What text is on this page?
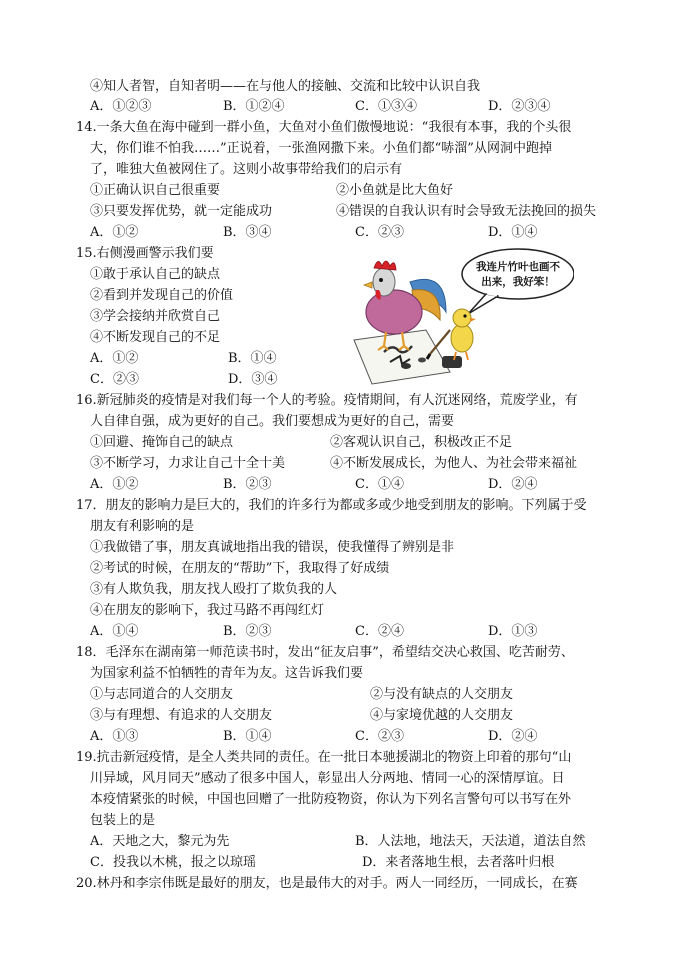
④知人者智，自知者明——在与他人的接触、交流和比较中认识自我
A．①②③	B．①②④	C．①③④	D．②③④
14.一条大鱼在海中碰到一群小鱼，大鱼对小鱼们傲慢地说：“我很有本事，我的个头很
大，你们谁不怕我……”正说着，一张渔网撒下来。小鱼们都“哧溜”从网洞中跑掉
了，唯独大鱼被网住了。这则小故事带给我们的启示有
①正确认识自己很重要	②小鱼就是比大鱼好
③只要发挥优势，就一定能成功	④错误的自我认识有时会导致无法挽回的损失
A．①②	B．③④	C．②③	D．①④
15.右侧漫画警示我们要
①敢于承认自己的缺点
②看到并发现自己的价值
③学会接纳并欣赏自己
④不断发现自己的不足
A．①②	B．①④
C．②③	D．③④
我连片竹叶也画不
出来，我好笨！
16.新冠肺炎的疫情是对我们每一个人的考验。疫情期间，有人沉迷网络，荒废学业，有
人自律自强，成为更好的自己。我们要想成为更好的自己，需要
①回避、掩饰自己的缺点	②客观认识自己，积极改正不足
③不断学习，力求让自己十全十美	④不断发展成长，为他人、为社会带来福祉
A．①②	B．②③	C．①④	D．②④
17．朋友的影响力是巨大的，我们的许多行为都或多或少地受到朋友的影响。下列属于受
朋友有利影响的是
①我做错了事，朋友真诚地指出我的错误，使我懂得了辨别是非
②考试的时候，在朋友的“帮助”下，我取得了好成绩
③有人欺负我，朋友找人殴打了欺负我的人
④在朋友的影响下，我过马路不再闯红灯
A．①④	B．②③	C．②④	D．①③
18．毛泽东在湖南第一师范读书时，发出“征友启事”，希望结交决心救国、吃苦耐劳、
为国家利益不怕牺牲的青年为友。这告诉我们要
①与志同道合的人交朋友	②与没有缺点的人交朋友
③与有理想、有追求的人交朋友	④与家境优越的人交朋友
A．①③	B．①④	C．②③	D．②④
19.抗击新冠疫情，是全人类共同的责任。在一批日本驰援湖北的物资上印着的那句“山
川异域，风月同天”感动了很多中国人，彰显出人分两地、情同一心的深情厚谊。日
本疫情紧张的时候，中国也回赠了一批防疫物资，你认为下列名言警句可以书写在外
包装上的是
A．天地之大，黎元为先	B．人法地，地法天，天法道，道法自然
C．投我以木桃，报之以琼瑶	D．来者落地生根，去者落叶归根
20.林丹和李宗伟既是最好的朋友，也是最伟大的对手。两人一同经历，一同成长，在赛
